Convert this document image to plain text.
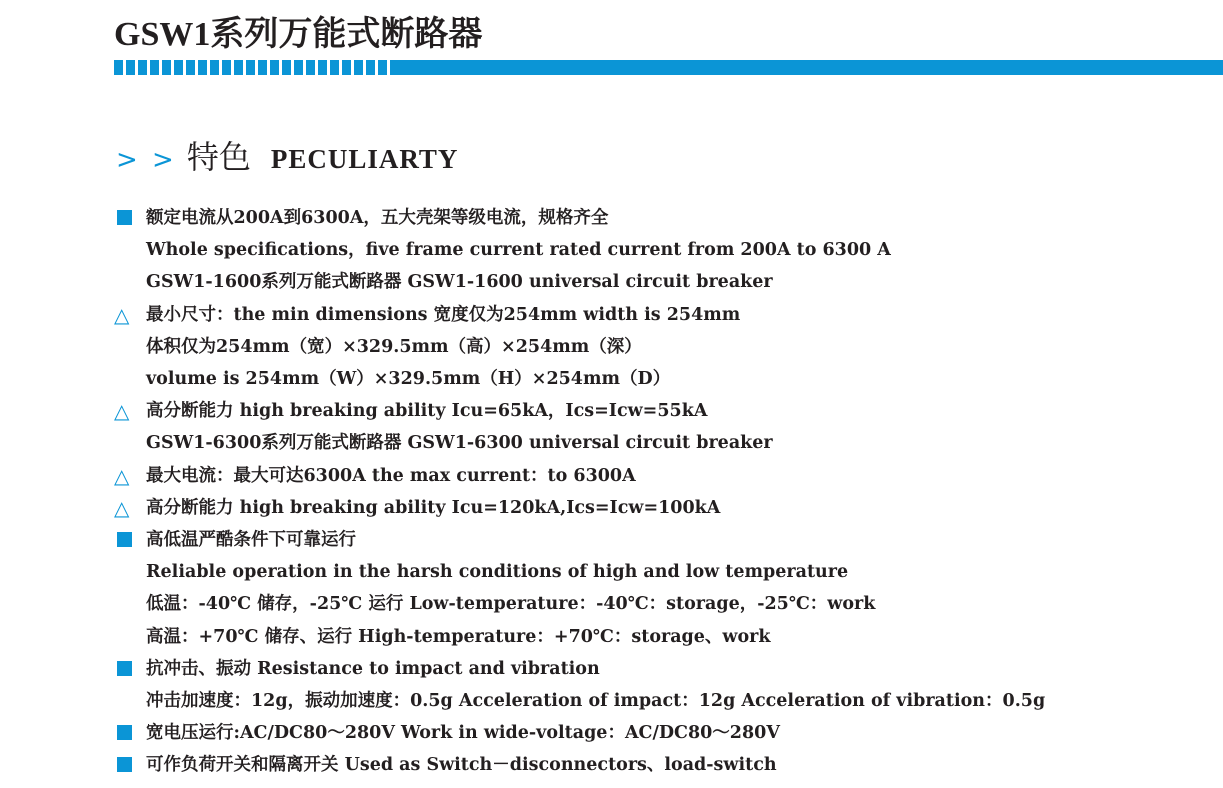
GSW1系列万能式断路器
> > 特色 PECULIARTY
额定电流从200A到6300A，五大壳架等级电流，规格齐全
Whole specifications，five frame current rated current from 200A to 6300 A
GSW1-1600系列万能式断路器 GSW1-1600 universal circuit breaker
△ 最小尺寸：the min dimensions 宽度仅为254mm width is 254mm
体积仅为254mm（宽）×329.5mm（高）×254mm（深）
volume is 254mm（W）×329.5mm（H）×254mm（D）
△ 高分断能力 high breaking ability Icu=65kA，Ics=Icw=55kA
GSW1-6300系列万能式断路器 GSW1-6300 universal circuit breaker
△ 最大电流：最大可达6300A the max current：to 6300A
△ 高分断能力 high breaking ability Icu=120kA,Ics=Icw=100kA
高低温严酷条件下可靠运行
Reliable operation in the harsh conditions of high and low temperature
低温：-40℃ 储存，-25℃ 运行 Low-temperature：-40℃：storage，-25℃：work
高温：+70℃ 储存、运行 High-temperature：+70℃：storage、work
抗冲击、振动 Resistance to impact and vibration
冲击加速度：12g，振动加速度：0.5g Acceleration of impact：12g Acceleration of vibration：0.5g
宽电压运行:AC/DC80～280V Work in wide-voltage：AC/DC80～280V
可作负荷开关和隔离开关 Used as Switch－disconnectors、load-switch
